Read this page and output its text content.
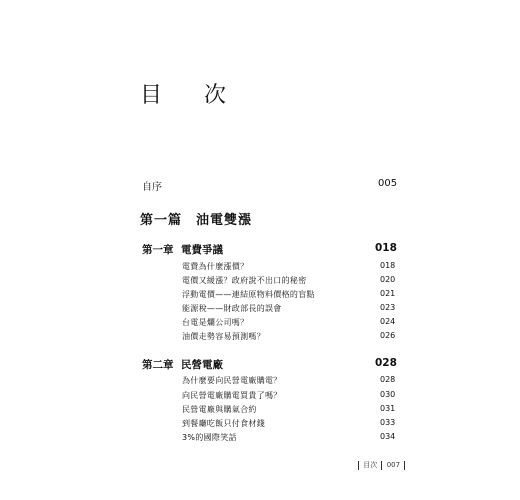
目　次
自序	005
第一篇　油電雙漲
第一章 電費爭議	018
電費為什麼漲價？	018
電價又緩漲？政府說不出口的秘密	020
浮動電價——連結原物料價格的盲點	021
能源稅——財政部長的誤會	023
台電是爛公司嗎？	024
油價走勢容易預測嗎？	026
第二章 民營電廠	028
為什麼要向民營電廠購電？	028
向民營電廠購電買貴了嗎？	030
民營電廠與購氣合約	031
到餐廳吃飯只付食材錢	033
3%的國際笑話	034
目次 007
